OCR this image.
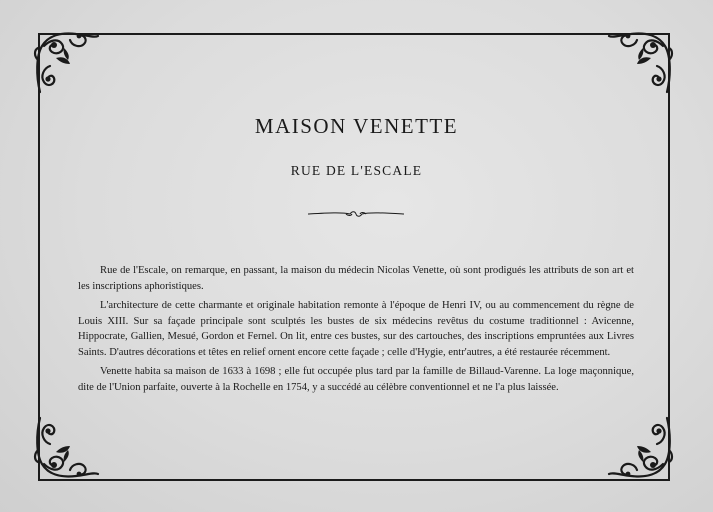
MAISON VENETTE
RUE DE L'ESCALE

Rue de l'Escale, on remarque, en passant, la maison du médecin Nicolas Venette, où sont prodigués les attributs de son art et les inscriptions aphoristiques.

L'architecture de cette charmante et originale habitation remonte à l'époque de Henri IV, ou au commencement du règne de Louis XIII. Sur sa façade principale sont sculptés les bustes de six médecins revêtus du costume traditionnel : Avicenne, Hippocrate, Gallien, Mesué, Gordon et Fernel. On lit, entre ces bustes, sur des cartouches, des inscriptions empruntées aux Livres Saints. D'autres décorations et têtes en relief ornent encore cette façade ; celle d'Hygie, entr'autres, a été restaurée récemment.

Venette habita sa maison de 1633 à 1698 ; elle fut occupée plus tard par la famille de Billaud-Varenne. La loge maçonnique, dite de l'Union parfaite, ouverte à la Rochelle en 1754, y a succédé au célèbre conventionnel et ne l'a plus laissée.
